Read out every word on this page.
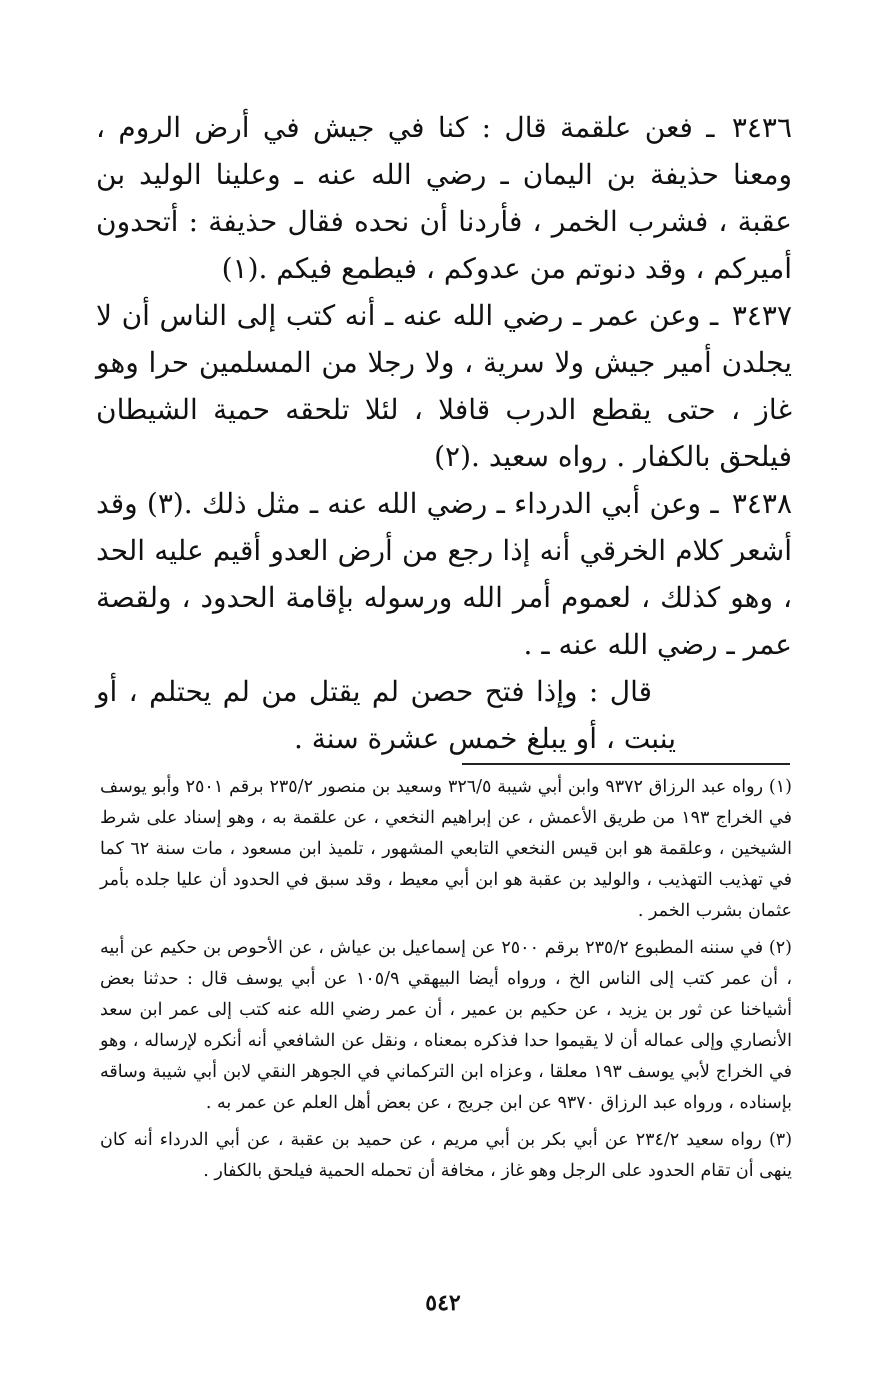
٣٤٣٦ ـ فعن علقمة قال : كنا في جيش في أرض الروم ، ومعنا حذيفة بن اليمان ـ رضي الله عنه ـ وعلينا الوليد بن عقبة ، فشرب الخمر ، فأردنا أن نحده فقال حذيفة : أتحدون أميركم ، وقد دنوتم من عدوكم ، فيطمع فيكم .(١)

٣٤٣٧ ـ وعن عمر ـ رضي الله عنه ـ أنه كتب إلى الناس أن لا يجلدن أمير جيش ولا سرية ، ولا رجلا من المسلمين حرا وهو غاز ، حتى يقطع الدرب قافلا ، لئلا تلحقه حمية الشيطان فيلحق بالكفار . رواه سعيد .(٢)

٣٤٣٨ ـ وعن أبي الدرداء ـ رضي الله عنه ـ مثل ذلك .(٣) وقد أشعر كلام الخرقي أنه إذا رجع من أرض العدو أقيم عليه الحد ، وهو كذلك ، لعموم أمر الله ورسوله بإقامة الحدود ، ولقصة عمر ـ رضي الله عنه ـ .

قال : وإذا فتح حصن لم يقتل من لم يحتلم ، أو ينبت ، أو يبلغ خمس عشرة سنة .

(١) رواه عبد الرزاق ٩٣٧٢ وابن أبي شيبة ٣٢٦/٥ وسعيد بن منصور ٢٣٥/٢ برقم ٢٥٠١ وأبو يوسف في الخراج ١٩٣ من طريق الأعمش ، عن إبراهيم النخعي ، عن علقمة به ، وهو إسناد على شرط الشيخين ، وعلقمة هو ابن قيس النخعي التابعي المشهور ، تلميذ ابن مسعود ، مات سنة ٦٢ كما في تهذيب التهذيب ، والوليد بن عقبة هو ابن أبي معيط ، وقد سبق في الحدود أن عليا جلده بأمر عثمان بشرب الخمر .

(٢) في سننه المطبوع ٢٣٥/٢ برقم ٢٥٠٠ عن إسماعيل بن عياش ، عن الأحوص بن حكيم عن أبيه ، أن عمر كتب إلى الناس الخ ، ورواه أيضا البيهقي ١٠٥/٩ عن أبي يوسف قال : حدثنا بعض أشياخنا عن ثور بن يزيد ، عن حكيم بن عمير ، أن عمر رضي الله عنه كتب إلى عمر ابن سعد الأنصاري وإلى عماله أن لا يقيموا حدا فذكره بمعناه ، ونقل عن الشافعي أنه أنكره لإرساله ، وهو في الخراج لأبي يوسف ١٩٣ معلقا ، وعزاه ابن التركماني في الجوهر النقي لابن أبي شيبة وساقه بإسناده ، ورواه عبد الرزاق ٩٣٧٠ عن ابن جريج ، عن بعض أهل العلم عن عمر به .

(٣) رواه سعيد ٢٣٤/٢ عن أبي بكر بن أبي مريم ، عن حميد بن عقبة ، عن أبي الدرداء أنه كان ينهى أن تقام الحدود على الرجل وهو غاز ، مخافة أن تحمله الحمية فيلحق بالكفار .

٥٤٢
